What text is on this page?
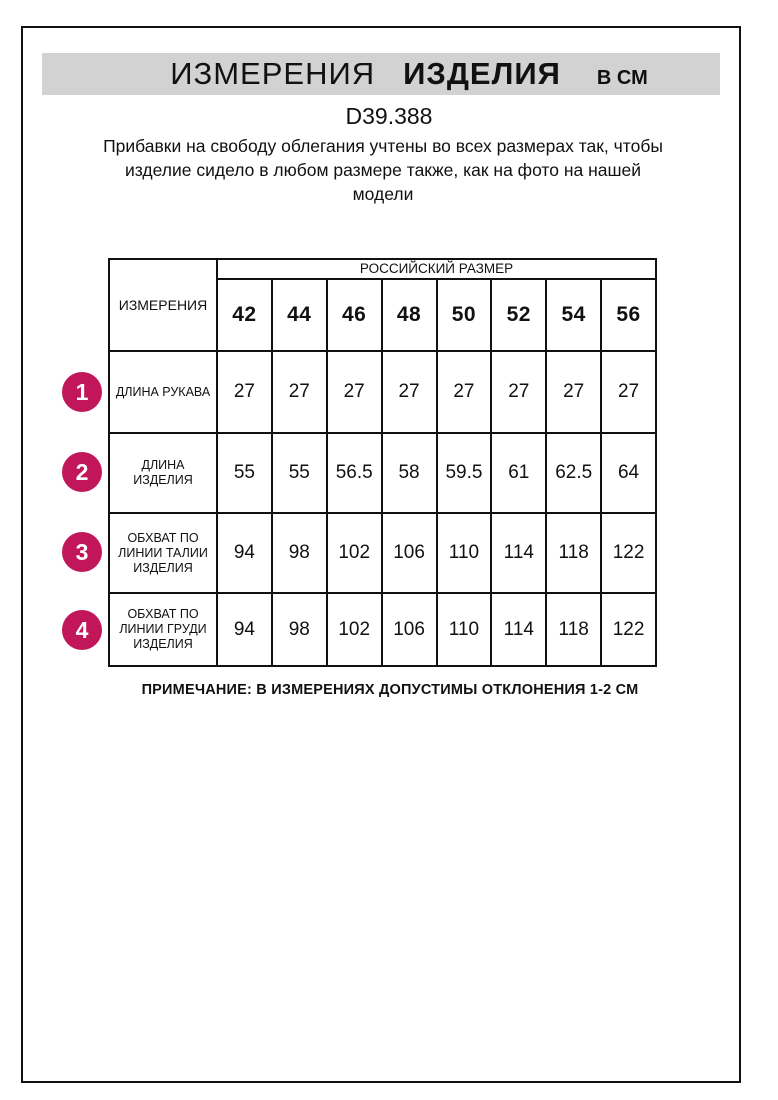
ИЗМЕРЕНИЯ ИЗДЕЛИЯ В СМ
D39.388
Прибавки на свободу облегания учтены во всех размерах так, чтобы изделие сидело в любом размере также, как на фото на нашей модели
ИЗМЕРЕНИЯ	РОССИЙСКИЙ РАЗМЕР							
	42	44	46	48	50	52	54	56
ДЛИНА РУКАВА	27	27	27	27	27	27	27	27
ДЛИНА ИЗДЕЛИЯ	55	55	56.5	58	59.5	61	62.5	64
ОБХВАТ ПО ЛИНИИ ТАЛИИ ИЗДЕЛИЯ	94	98	102	106	110	114	118	122
ОБХВАТ ПО ЛИНИИ ГРУДИ ИЗДЕЛИЯ	94	98	102	106	110	114	118	122
1
2
3
4
ПРИМЕЧАНИЕ: В ИЗМЕРЕНИЯХ ДОПУСТИМЫ ОТКЛОНЕНИЯ 1-2 СМ
